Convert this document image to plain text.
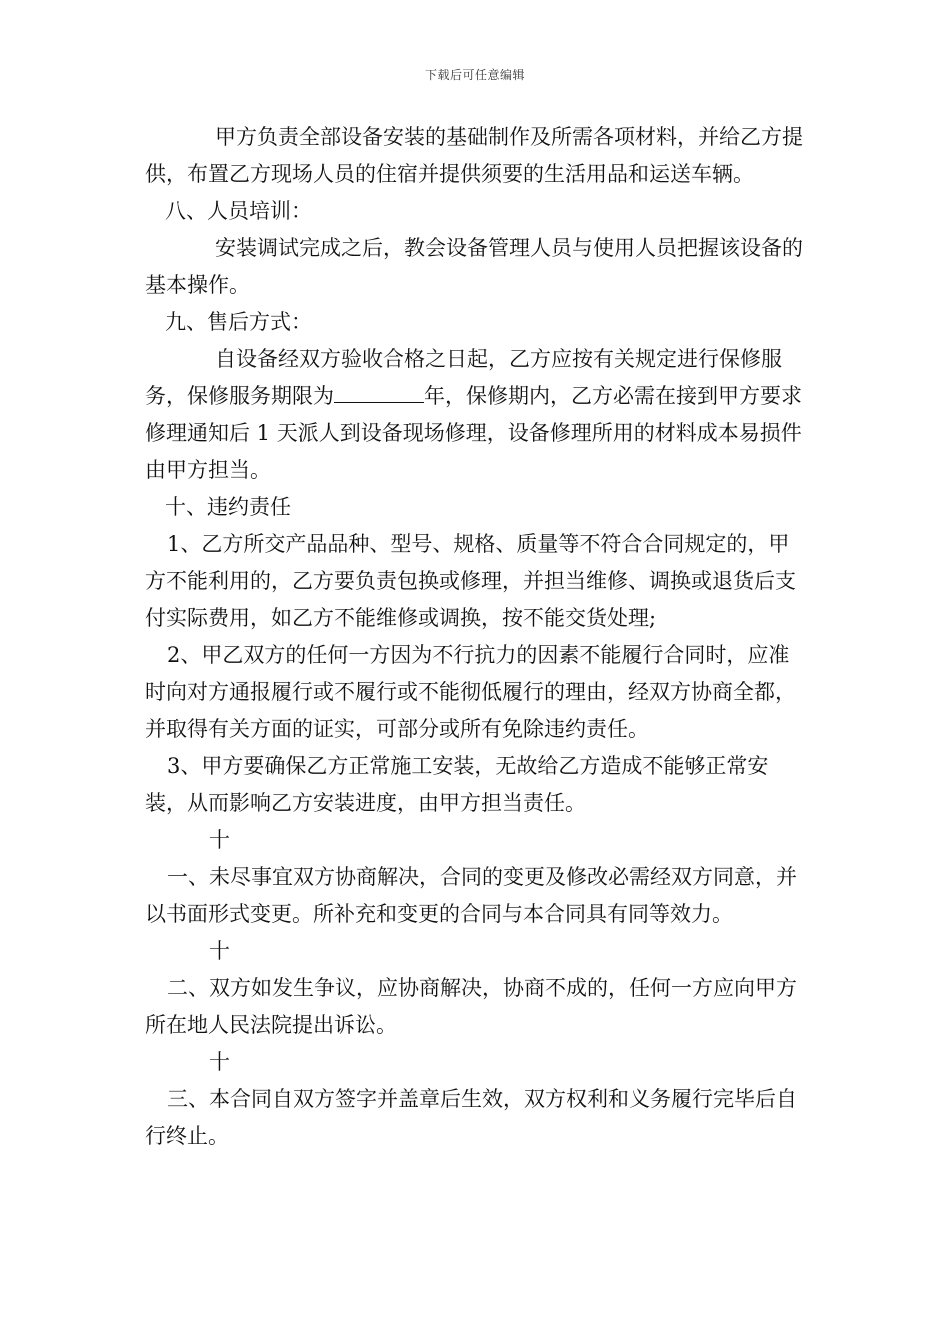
下载后可任意编辑

甲方负责全部设备安装的基础制作及所需各项材料，并给乙方提供，布置乙方现场人员的住宿并提供须要的生活用品和运送车辆。

八、人员培训：

安装调试完成之后，教会设备管理人员与使用人员把握该设备的基本操作。

九、售后方式：

自设备经双方验收合格之日起，乙方应按有关规定进行保修服务，保修服务期限为	年，保修期内，乙方必需在接到甲方要求修理通知后 1 天派人到设备现场修理，设备修理所用的材料成本易损件由甲方担当。

十、违约责任

1、乙方所交产品品种、型号、规格、质量等不符合合同规定的，甲方不能利用的，乙方要负责包换或修理，并担当维修、调换或退货后支付实际费用，如乙方不能维修或调换，按不能交货处理;

2、甲乙双方的任何一方因为不行抗力的因素不能履行合同时，应准时向对方通报履行或不履行或不能彻低履行的理由，经双方协商全都，并取得有关方面的证实，可部分或所有免除违约责任。

3、甲方要确保乙方正常施工安装，无故给乙方造成不能够正常安装，从而影响乙方安装进度，由甲方担当责任。

十

一、未尽事宜双方协商解决，合同的变更及修改必需经双方同意，并以书面形式变更。所补充和变更的合同与本合同具有同等效力。

十

二、双方如发生争议，应协商解决，协商不成的，任何一方应向甲方所在地人民法院提出诉讼。

十

三、本合同自双方签字并盖章后生效，双方权利和义务履行完毕后自行终止。
